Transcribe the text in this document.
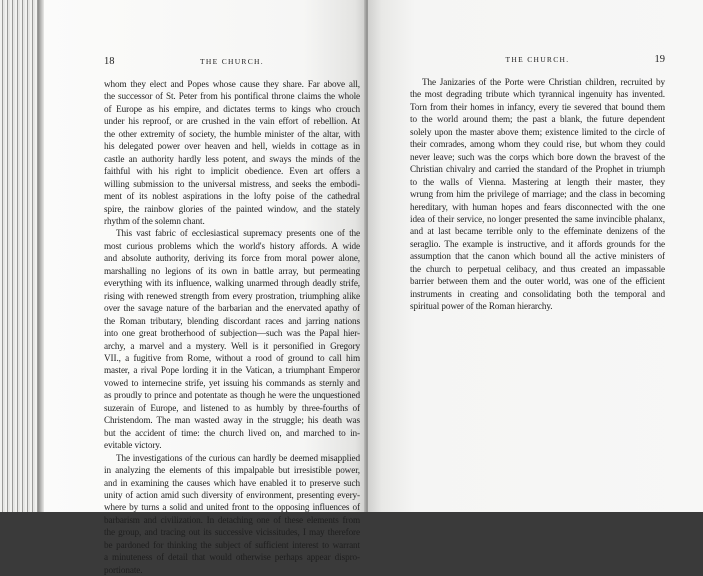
18	THE CHURCH.

whom they elect and Popes whose cause they share. Far above all,

the successor of St. Peter from his pontifical throne claims the whole

of Europe as his empire, and dictates terms to kings who crouch

under his reproof, or are crushed in the vain effort of rebellion. At

the other extremity of society, the humble minister of the altar, with

his delegated power over heaven and hell, wields in cottage as in

castle an authority hardly less potent, and sways the minds of the

faithful with his right to implicit obedience. Even art offers a

willing submission to the universal mistress, and seeks the embodi-

ment of its noblest aspirations in the lofty poise of the cathedral

spire, the rainbow glories of the painted window, and the stately

rhythm of the solemn chant.

This vast fabric of ecclesiastical supremacy presents one of the

most curious problems which the world's history affords. A wide

and absolute authority, deriving its force from moral power alone,

marshalling no legions of its own in battle array, but permeating

everything with its influence, walking unarmed through deadly strife,

rising with renewed strength from every prostration, triumphing alike

over the savage nature of the barbarian and the enervated apathy of

the Roman tributary, blending discordant races and jarring nations

into one great brotherhood of subjection—such was the Papal hier-

archy, a marvel and a mystery. Well is it personified in Gregory

VII., a fugitive from Rome, without a rood of ground to call him

master, a rival Pope lording it in the Vatican, a triumphant Emperor

vowed to internecine strife, yet issuing his commands as sternly and

as proudly to prince and potentate as though he were the unquestioned

suzerain of Europe, and listened to as humbly by three-fourths of

Christendom. The man wasted away in the struggle; his death was

but the accident of time: the church lived on, and marched to in-

evitable victory.

The investigations of the curious can hardly be deemed misapplied

in analyzing the elements of this impalpable but irresistible power,

and in examining the causes which have enabled it to preserve such

unity of action amid such diversity of environment, presenting every-

where by turns a solid and united front to the opposing influences of

barbarism and civilization. In detaching one of these elements from

the group, and tracing out its successive vicissitudes, I may therefore

be pardoned for thinking the subject of sufficient interest to warrant

a minuteness of detail that would otherwise perhaps appear dispro-

portionate.

THE CHURCH.	19

The Janizaries of the Porte were Christian children, recruited by

the most degrading tribute which tyrannical ingenuity has invented.

Torn from their homes in infancy, every tie severed that bound them

to the world around them; the past a blank, the future dependent

solely upon the master above them; existence limited to the circle of

their comrades, among whom they could rise, but whom they could

never leave; such was the corps which bore down the bravest of the

Christian chivalry and carried the standard of the Prophet in triumph

to the walls of Vienna. Mastering at length their master, they

wrung from him the privilege of marriage; and the class in becoming

hereditary, with human hopes and fears disconnected with the one

idea of their service, no longer presented the same invincible phalanx,

and at last became terrible only to the effeminate denizens of the

seraglio. The example is instructive, and it affords grounds for the

assumption that the canon which bound all the active ministers of

the church to perpetual celibacy, and thus created an impassable

barrier between them and the outer world, was one of the efficient

instruments in creating and consolidating both the temporal and

spiritual power of the Roman hierarchy.
